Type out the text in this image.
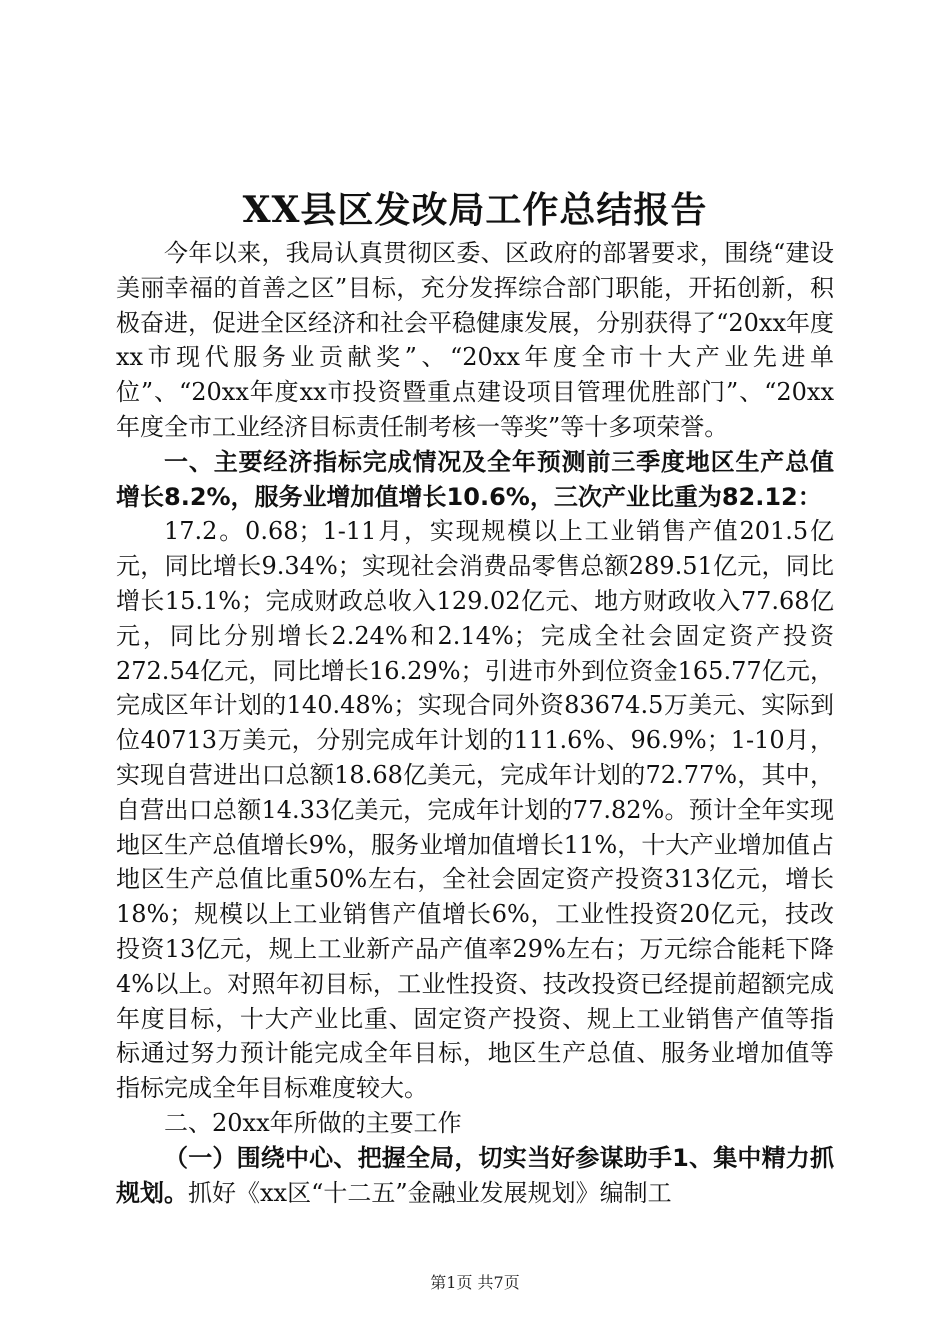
XX县区发改局工作总结报告

今年以来，我局认真贯彻区委、区政府的部署要求，围绕“建设美丽幸福的首善之区”目标，充分发挥综合部门职能，开拓创新，积极奋进，促进全区经济和社会平稳健康发展，分别获得了“20xx年度xx市现代服务业贡献奖”、“20xx年度全市十大产业先进单位”、“20xx年度xx市投资暨重点建设项目管理优胜部门”、“20xx年度全市工业经济目标责任制考核一等奖”等十多项荣誉。

一、主要经济指标完成情况及全年预测前三季度地区生产总值增长8.2%，服务业增加值增长10.6%，三次产业比重为82.12：

17.2。0.68；1-11月，实现规模以上工业销售产值201.5亿元，同比增长9.34%；实现社会消费品零售总额289.51亿元，同比增长15.1%；完成财政总收入129.02亿元、地方财政收入77.68亿元，同比分别增长2.24%和2.14%；完成全社会固定资产投资272.54亿元，同比增长16.29%；引进市外到位资金165.77亿元，完成区年计划的140.48%；实现合同外资83674.5万美元、实际到位40713万美元，分别完成年计划的111.6%、96.9%；1-10月，实现自营进出口总额18.68亿美元，完成年计划的72.77%，其中，自营出口总额14.33亿美元，完成年计划的77.82%。预计全年实现地区生产总值增长9%，服务业增加值增长11%，十大产业增加值占地区生产总值比重50%左右，全社会固定资产投资313亿元，增长18%；规模以上工业销售产值增长6%，工业性投资20亿元，技改投资13亿元，规上工业新产品产值率29%左右；万元综合能耗下降4%以上。对照年初目标，工业性投资、技改投资已经提前超额完成年度目标，十大产业比重、固定资产投资、规上工业销售产值等指标通过努力预计能完成全年目标，地区生产总值、服务业增加值等指标完成全年目标难度较大。

二、20xx年所做的主要工作

（一）围绕中心、把握全局，切实当好参谋助手1、集中精力抓规划。抓好《xx区“十二五”金融业发展规划》编制工

第1页 共7页
